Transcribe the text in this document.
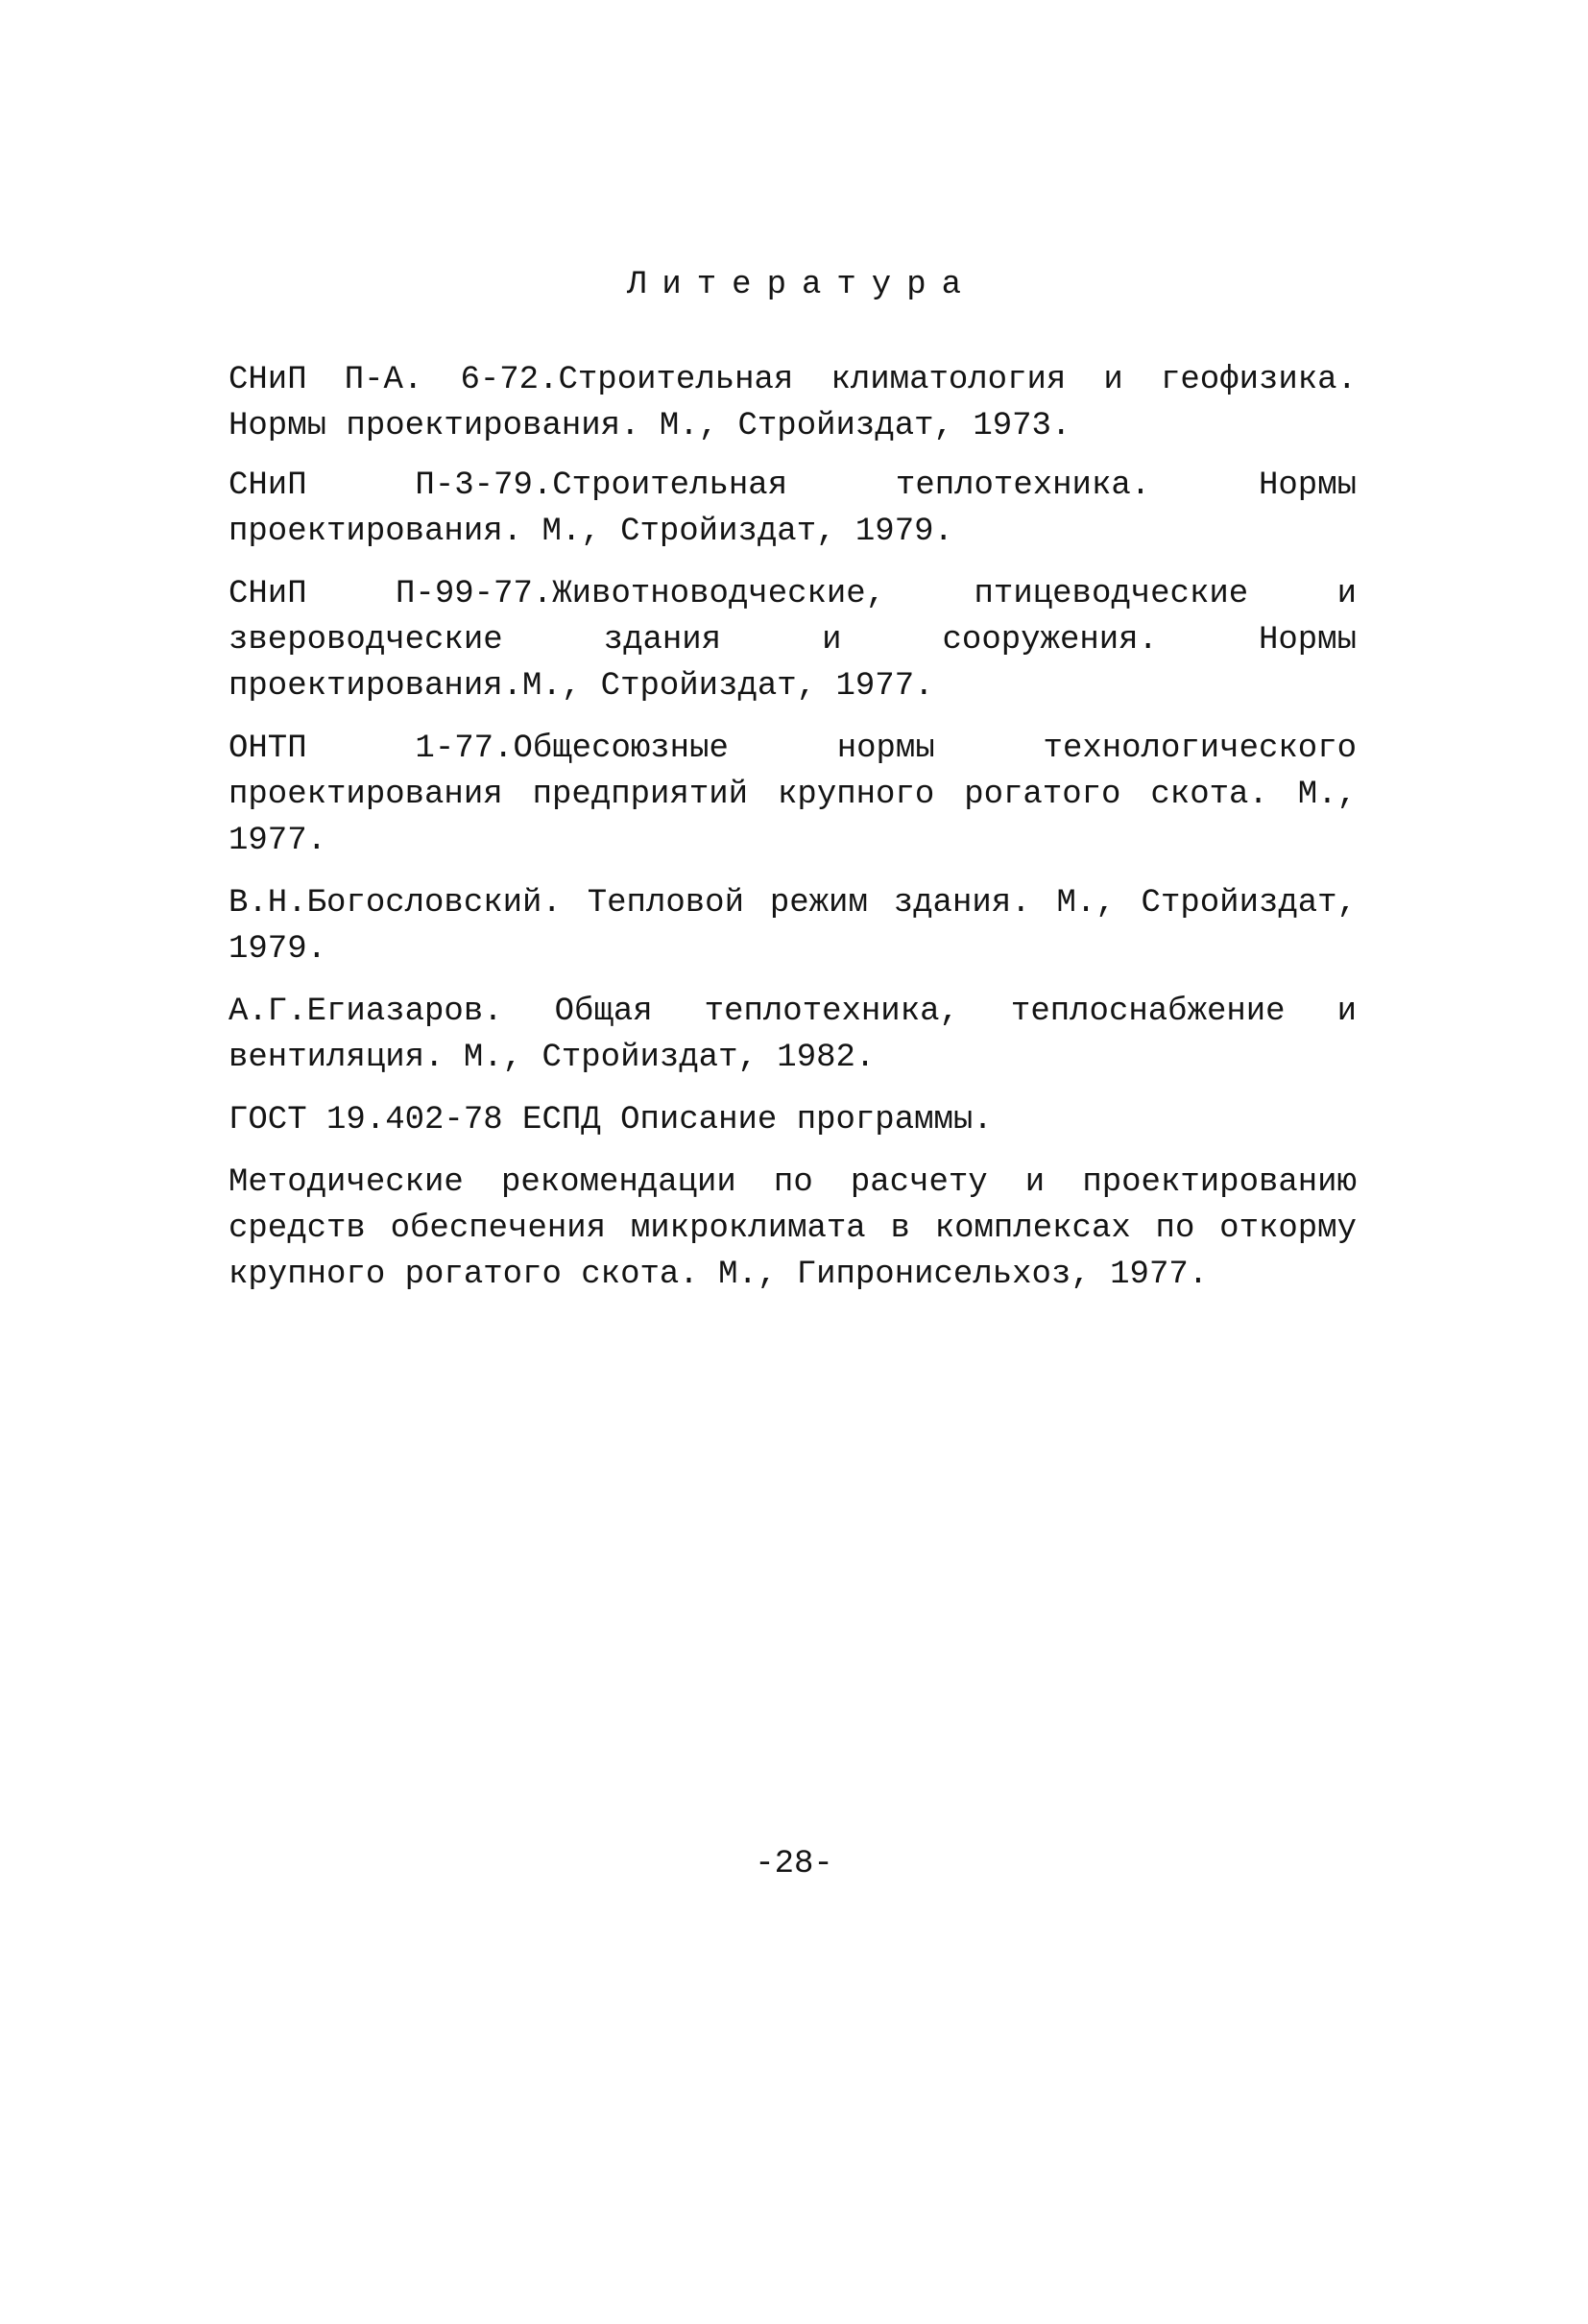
Литература

СНиП П-А. 6-72.Строительная климатология и геофизика. Нормы проектирования. М., Стройиздат, 1973.

СНиП П-3-79.Строительная теплотехника. Нормы проектирования. М., Стройиздат, 1979.

СНиП П-99-77.Животноводческие, птицеводческие и звероводческие здания и сооружения. Нормы проектирования.М., Стройиздат, 1977.

ОНТП 1-77.Общесоюзные нормы технологического проектирования предприятий крупного рогатого скота. М., 1977.

В.Н.Богословский. Тепловой режим здания. М., Стройиздат, 1979.

А.Г.Егиазаров. Общая теплотехника, теплоснабжение и вентиляция. М., Стройиздат, 1982.

ГОСТ 19.402-78 ЕСПД Описание программы.

Методические рекомендации по расчету и проектированию средств обеспечения микроклимата в комплексах по откорму крупного рогатого скота. М., Гипронисельхоз, 1977.

-28-
